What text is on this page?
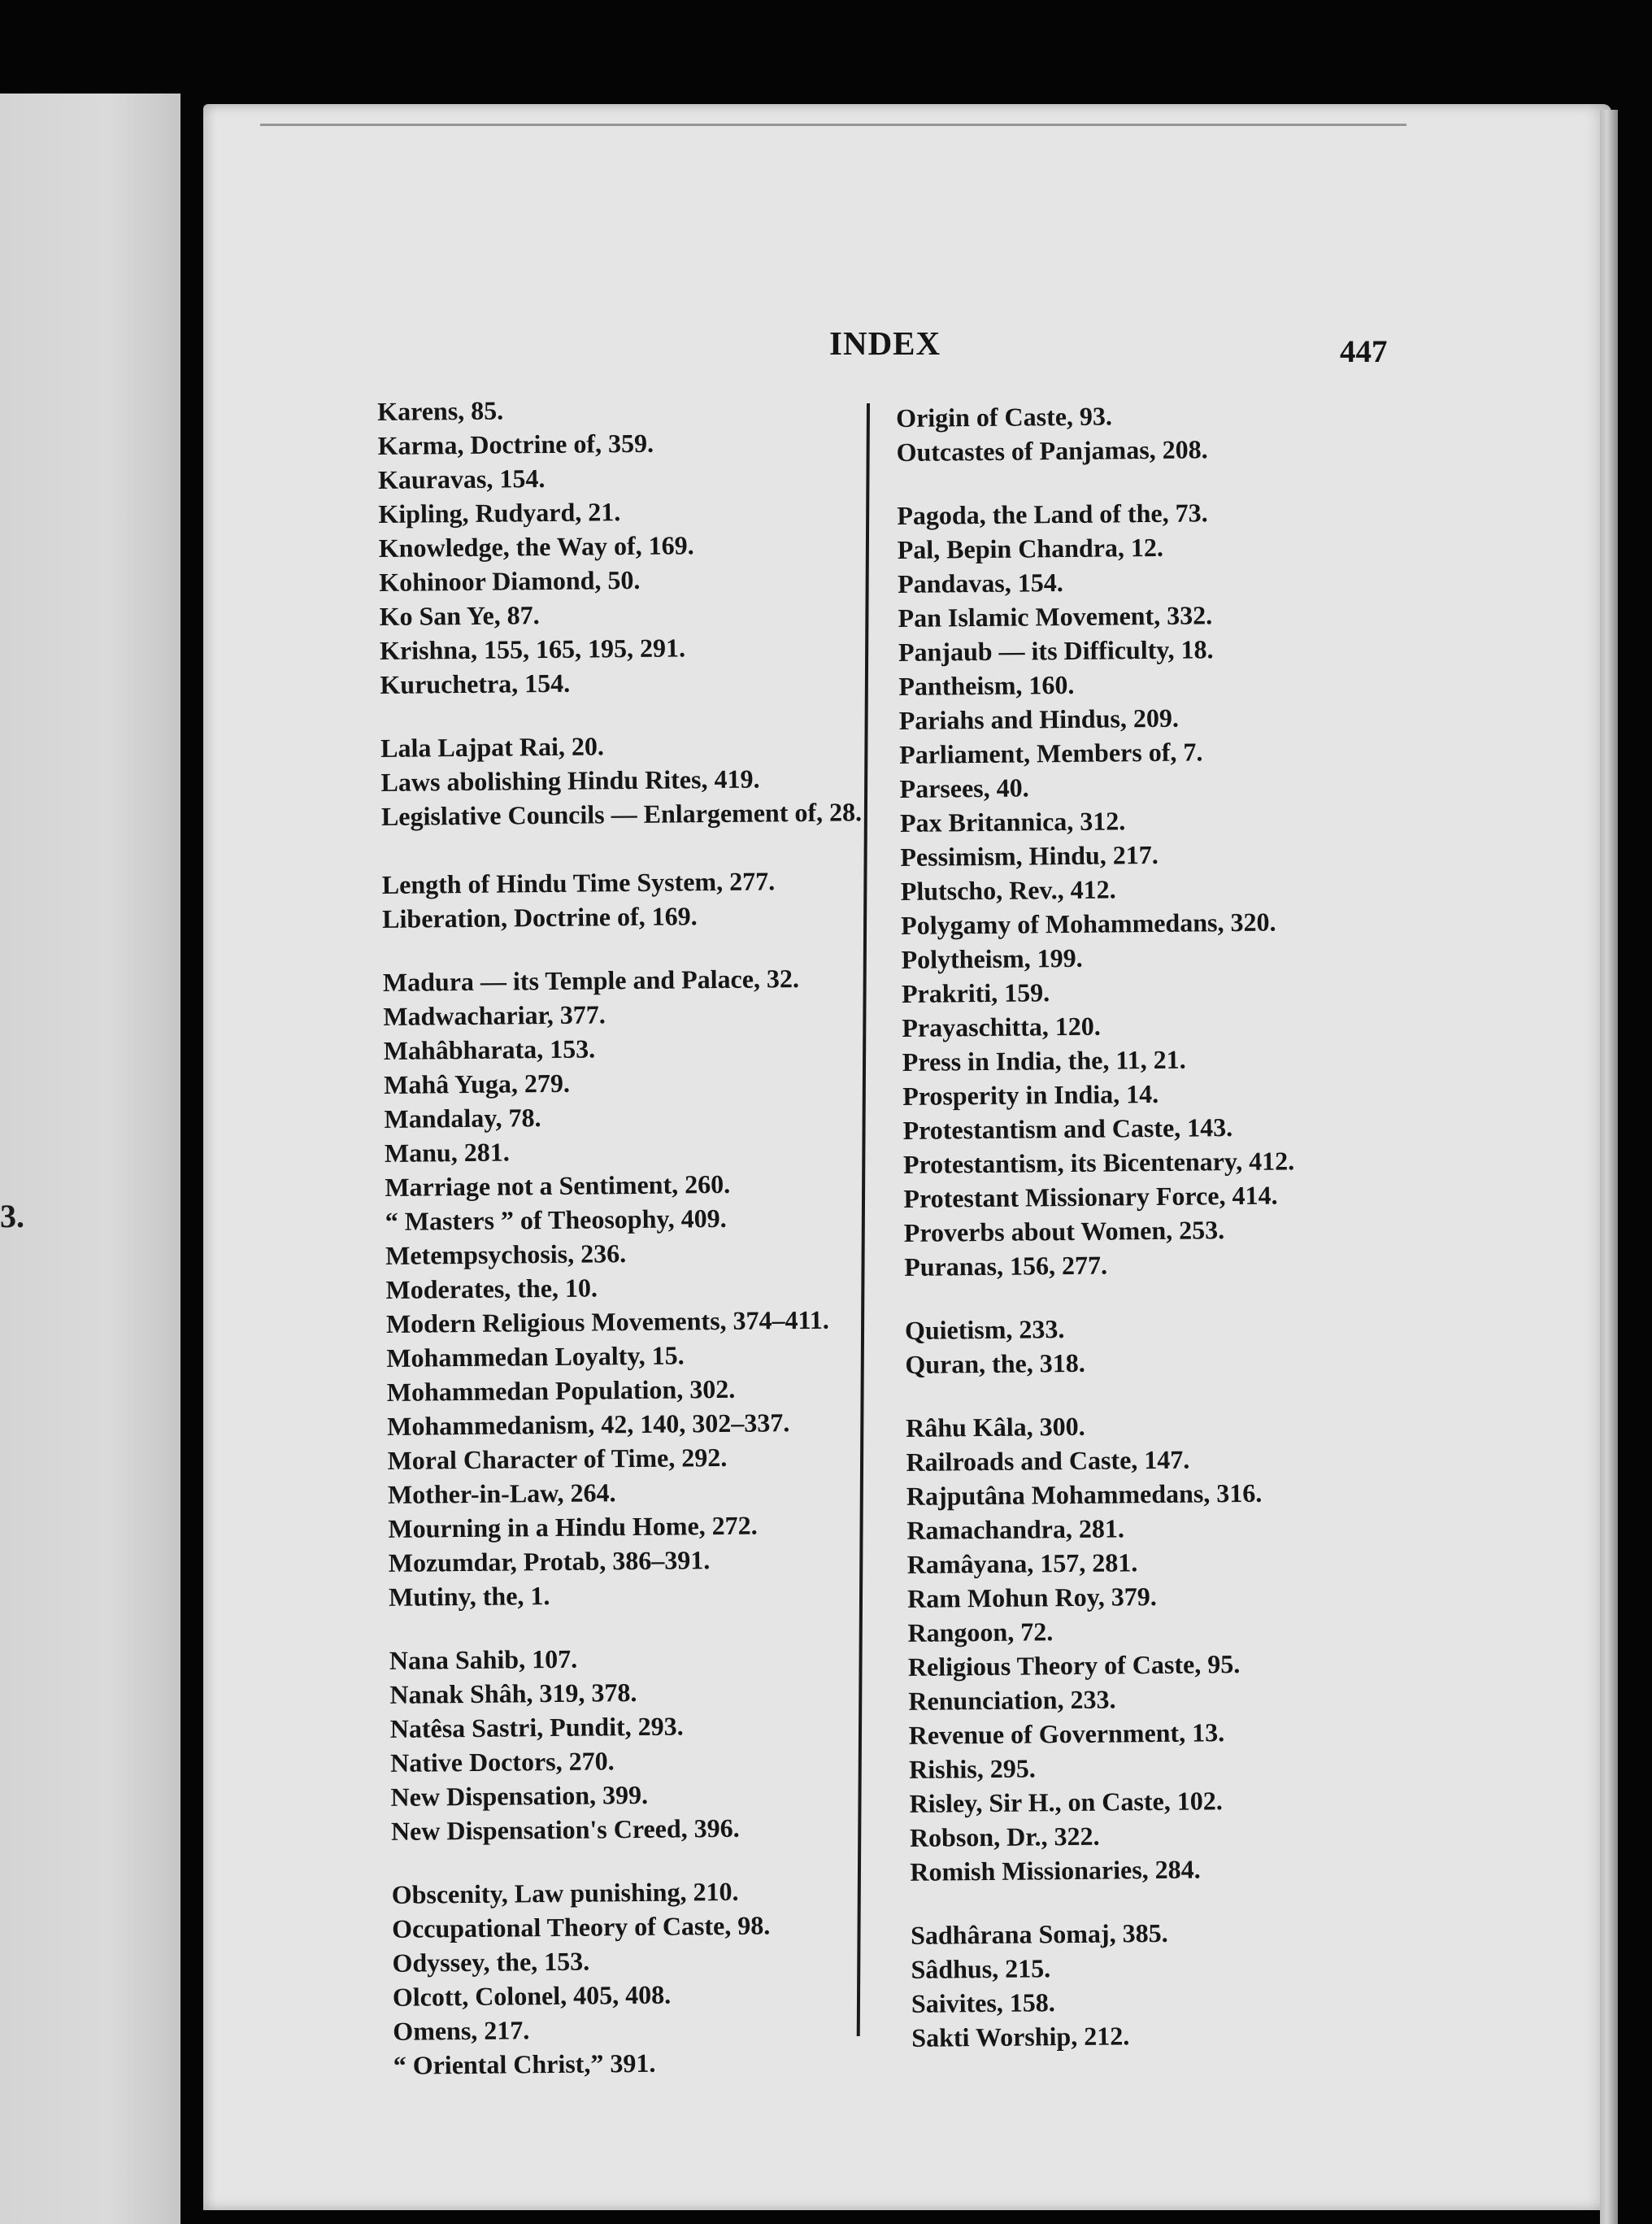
3.
INDEX	447
Karens, 85.
Karma, Doctrine of, 359.
Kauravas, 154.
Kipling, Rudyard, 21.
Knowledge, the Way of, 169.
Kohinoor Diamond, 50.
Ko San Ye, 87.
Krishna, 155, 165, 195, 291.
Kuruchetra, 154.
Lala Lajpat Rai, 20.
Laws abolishing Hindu Rites, 419.
Legislative Councils — Enlargement of, 28.
Length of Hindu Time System, 277.
Liberation, Doctrine of, 169.
Madura — its Temple and Palace, 32.
Madwachariar, 377.
Mahâbharata, 153.
Mahâ Yuga, 279.
Mandalay, 78.
Manu, 281.
Marriage not a Sentiment, 260.
“ Masters ” of Theosophy, 409.
Metempsychosis, 236.
Moderates, the, 10.
Modern Religious Movements, 374–411.
Mohammedan Loyalty, 15.
Mohammedan Population, 302.
Mohammedanism, 42, 140, 302–337.
Moral Character of Time, 292.
Mother-in-Law, 264.
Mourning in a Hindu Home, 272.
Mozumdar, Protab, 386–391.
Mutiny, the, 1.
Nana Sahib, 107.
Nanak Shâh, 319, 378.
Natêsa Sastri, Pundit, 293.
Native Doctors, 270.
New Dispensation, 399.
New Dispensation's Creed, 396.
Obscenity, Law punishing, 210.
Occupational Theory of Caste, 98.
Odyssey, the, 153.
Olcott, Colonel, 405, 408.
Omens, 217.
“ Oriental Christ,” 391.
Origin of Caste, 93.
Outcastes of Panjamas, 208.
Pagoda, the Land of the, 73.
Pal, Bepin Chandra, 12.
Pandavas, 154.
Pan Islamic Movement, 332.
Panjaub — its Difficulty, 18.
Pantheism, 160.
Pariahs and Hindus, 209.
Parliament, Members of, 7.
Parsees, 40.
Pax Britannica, 312.
Pessimism, Hindu, 217.
Plutscho, Rev., 412.
Polygamy of Mohammedans, 320.
Polytheism, 199.
Prakriti, 159.
Prayaschitta, 120.
Press in India, the, 11, 21.
Prosperity in India, 14.
Protestantism and Caste, 143.
Protestantism, its Bicentenary, 412.
Protestant Missionary Force, 414.
Proverbs about Women, 253.
Puranas, 156, 277.
Quietism, 233.
Quran, the, 318.
Râhu Kâla, 300.
Railroads and Caste, 147.
Rajputâna Mohammedans, 316.
Ramachandra, 281.
Ramâyana, 157, 281.
Ram Mohun Roy, 379.
Rangoon, 72.
Religious Theory of Caste, 95.
Renunciation, 233.
Revenue of Government, 13.
Rishis, 295.
Risley, Sir H., on Caste, 102.
Robson, Dr., 322.
Romish Missionaries, 284.
Sadhârana Somaj, 385.
Sâdhus, 215.
Saivites, 158.
Sakti Worship, 212.
